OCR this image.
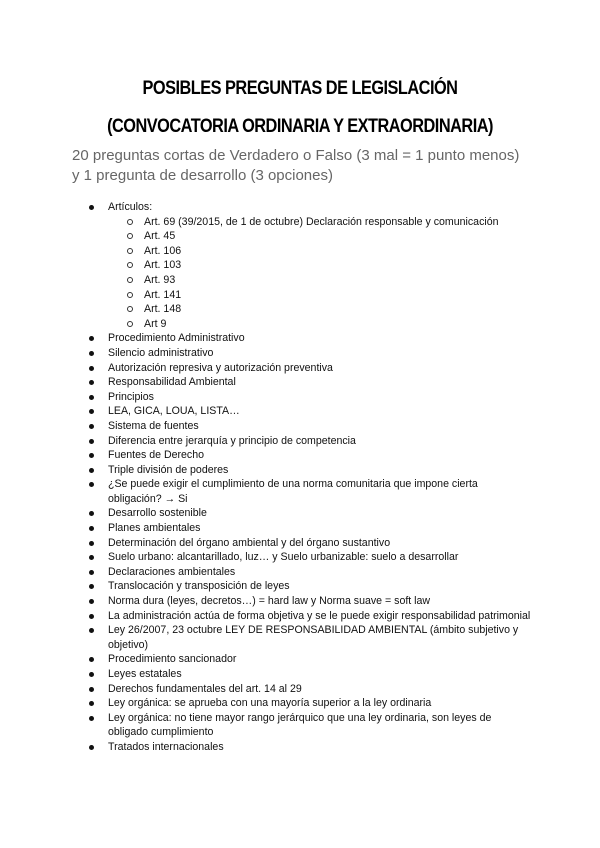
POSIBLES PREGUNTAS DE LEGISLACIÓN
(CONVOCATORIA ORDINARIA Y EXTRAORDINARIA)

20 preguntas cortas de Verdadero o Falso (3 mal = 1 punto menos)
y 1 pregunta de desarrollo (3 opciones)

Artículos:
Art. 69 (39/2015, de 1 de octubre) Declaración responsable y comunicación
Art. 45
Art. 106
Art. 103
Art. 93
Art. 141
Art. 148
Art 9
Procedimiento Administrativo
Silencio administrativo
Autorización represiva y autorización preventiva
Responsabilidad Ambiental
Principios
LEA, GICA, LOUA, LISTA…
Sistema de fuentes
Diferencia entre jerarquía y principio de competencia
Fuentes de Derecho
Triple división de poderes
¿Se puede exigir el cumplimiento de una norma comunitaria que impone cierta obligación? → Si
Desarrollo sostenible
Planes ambientales
Determinación del órgano ambiental y del órgano sustantivo
Suelo urbano: alcantarillado, luz… y Suelo urbanizable: suelo a desarrollar
Declaraciones ambientales
Translocación y transposición de leyes
Norma dura (leyes, decretos…) = hard law y Norma suave = soft law
La administración actúa de forma objetiva y se le puede exigir responsabilidad patrimonial
Ley 26/2007, 23 octubre LEY DE RESPONSABILIDAD AMBIENTAL (ámbito subjetivo y objetivo)
Procedimiento sancionador
Leyes estatales
Derechos fundamentales del art. 14 al 29
Ley orgánica: se aprueba con una mayoría superior a la ley ordinaria
Ley orgánica: no tiene mayor rango jerárquico que una ley ordinaria, son leyes de obligado cumplimiento
Tratados internacionales
